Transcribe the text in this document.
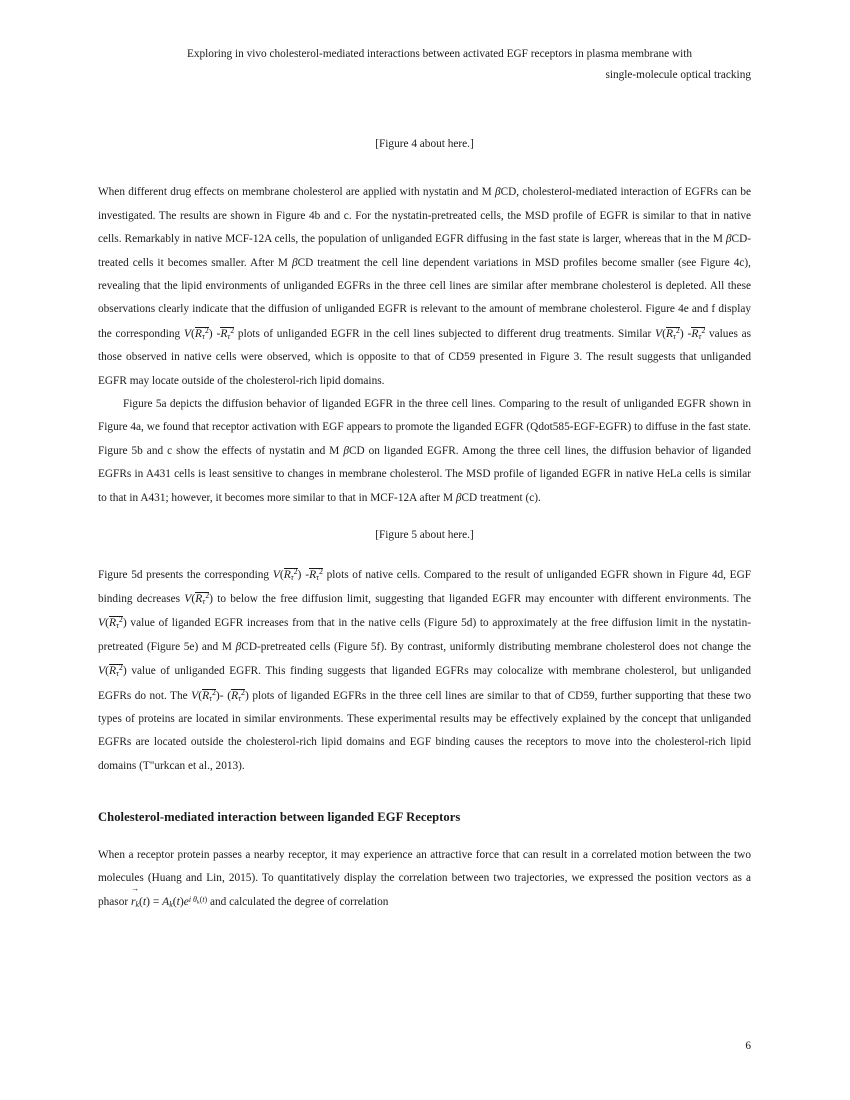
Exploring in vivo cholesterol-mediated interactions between activated EGF receptors in plasma membrane with
single-molecule optical tracking
[Figure 4 about here.]

When different drug effects on membrane cholesterol are applied with nystatin and M βCD, cholesterol-mediated interaction of EGFRs can be investigated. The results are shown in Figure 4b and c. For the nystatin-pretreated cells, the MSD profile of EGFR is similar to that in native cells. Remarkably in native MCF-12A cells, the population of unliganded EGFR diffusing in the fast state is larger, whereas that in the M βCD-treated cells it becomes smaller. After M βCD treatment the cell line dependent variations in MSD profiles become smaller (see Figure 4c), revealing that the lipid environments of unliganded EGFRs in the three cell lines are similar after membrane cholesterol is depleted. All these observations clearly indicate that the diffusion of unliganded EGFR is relevant to the amount of membrane cholesterol. Figure 4e and f display the corresponding $V(R_\tau^2)$ $-R_\tau^2$ plots of unliganded EGFR in the cell lines subjected to different drug treatments. Similar $V(R_\tau^2)$ $-R_\tau^2$ values as those observed in native cells were observed, which is opposite to that of CD59 presented in Figure 3. The result suggests that unliganded EGFR may locate outside of the cholesterol-rich lipid domains.

Figure 5a depicts the diffusion behavior of liganded EGFR in the three cell lines. Comparing to the result of unliganded EGFR shown in Figure 4a, we found that receptor activation with EGF appears to promote the liganded EGFR (Qdot585-EGF-EGFR) to diffuse in the fast state. Figure 5b and c show the effects of nystatin and M βCD on liganded EGFR. Among the three cell lines, the diffusion behavior of liganded EGFRs in A431 cells is least sensitive to changes in membrane cholesterol. The MSD profile of liganded EGFR in native HeLa cells is similar to that in A431; however, it becomes more similar to that in MCF-12A after M βCD treatment (c).

[Figure 5 about here.]

Figure 5d presents the corresponding $V(R_\tau^2)$ $-R_\tau^2$ plots of native cells. Compared to the result of unliganded EGFR shown in Figure 4d, EGF binding decreases $V(R_\tau^2)$ to below the free diffusion limit, suggesting that liganded EGFR may encounter with different environments. The $V(R_\tau^2)$ value of liganded EGFR increases from that in the native cells (Figure 5d) to approximately at the free diffusion limit in the nystatin-pretreated (Figure 5e) and M βCD-pretreated cells (Figure 5f). By contrast, uniformly distributing membrane cholesterol does not change the $V(R_\tau^2)$ value of unliganded EGFR. This finding suggests that liganded EGFRs may colocalize with membrane cholesterol, but unliganded EGFRs do not. The $V(R_\tau^2)-$ $(R_\tau^2)$ plots of liganded EGFRs in the three cell lines are similar to that of CD59, further supporting that these two types of proteins are located in similar environments. These experimental results may be effectively explained by the concept that unliganded EGFRs are located outside the cholesterol-rich lipid domains and EGF binding causes the receptors to move into the cholesterol-rich lipid domains (T"urkcan et al., 2013).

Cholesterol-mediated interaction between liganded EGF Receptors

When a receptor protein passes a nearby receptor, it may experience an attractive force that can result in a correlated motion between the two molecules (Huang and Lin, 2015). To quantitatively display the correlation between two trajectories, we expressed the position vectors as a phasor
→
$r_k(t) = A_k(t)e^{i \theta_k(t)}$ and calculated the degree of correlation

6
